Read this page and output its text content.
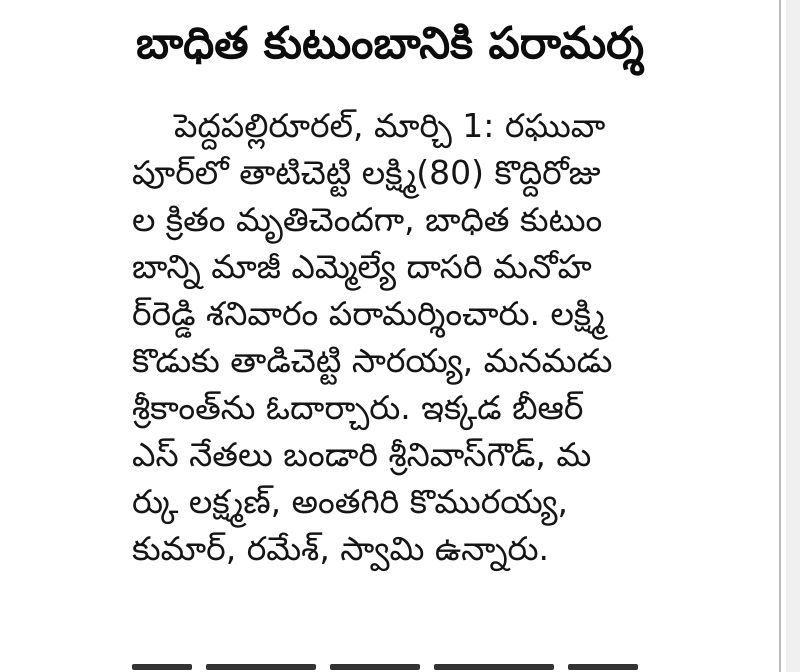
బాధిత కుటుంబానికి పరామర్శ
పెద్దపల్లిరూరల్, మార్చి 1: రఘువా
పూర్‌లో తాటిచెట్టి లక్ష్మి(80) కొద్దిరోజు
ల క్రితం మృతిచెందగా, బాధిత కుటుం
బాన్ని మాజీ ఎమ్మెల్యే దాసరి మనోహ
ర్‌రెడ్డి శనివారం పరామర్శించారు. లక్ష్మి
కొడుకు తాడిచెట్టి సారయ్య, మనమడు
శ్రీకాంత్‌ను ఓదార్చారు. ఇక్కడ బీఆర్
ఎస్ నేతలు బండారి శ్రీనివాస్‌గౌడ్, మ
ర్కు లక్ష్మణ్, అంతగిరి కొమురయ్య,
కుమార్, రమేశ్, స్వామి ఉన్నారు.
